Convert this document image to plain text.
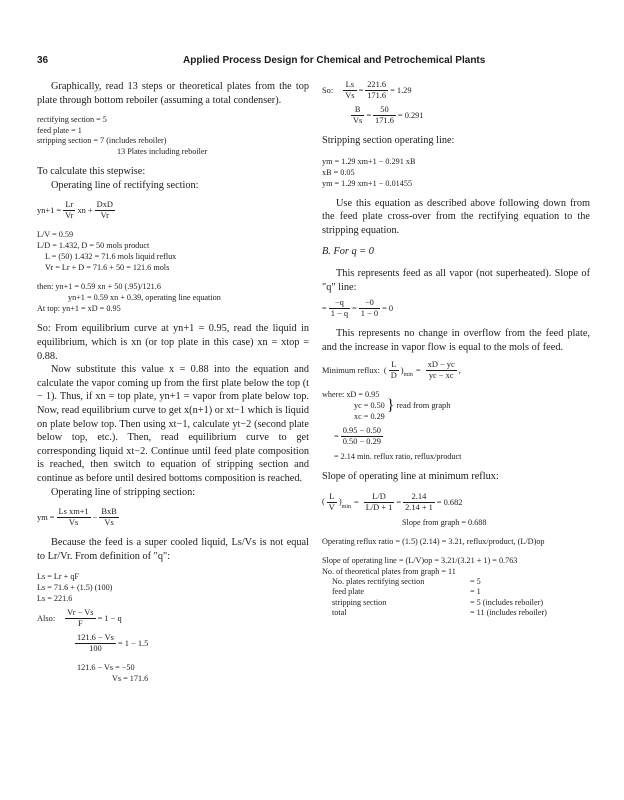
36	Applied Process Design for Chemical and Petrochemical Plants

Graphically, read 13 steps or theoretical plates from the top plate through bottom reboiler (assuming a total condenser).

rectifying section = 5
feed plate = 1
stripping section = 7 (includes reboiler)
13 Plates including reboiler

To calculate this stepwise:

Operating line of rectifying section:

$yn+1 = \frac{Lr}{Vr}$ xn + $\frac{\text{DxD}}{Vr}$

L/V = 0.59

L/D = 1.432, D = 50 mols product

L = (50) 1.432 = 71.6 mols liquid reflux

Vr = Lr + D = 71.6 + 50 = 121.6 mols

then: yn+1 = 0.59 xn + 50 (.95)/121.6

yn+1 = 0.59 xn + 0.39, operating line equation

At top: yn+1 = xD = 0.95

So: From equilibrium curve at yn+1 = 0.95, read the liquid in equilibrium, which is xn (or top plate in this case) xn = xtop = 0.88.

Now substitute this value x = 0.88 into the equation and calculate the vapor coming up from the first plate below the top (t − 1). Thus, if xn = top plate, yn+1 = vapor from plate below top. Now, read equilibrium curve to get x(n+1) or xt−1 which is liquid on plate below top. Then using xt−1, calculate yt−2 (second plate below top, etc.). Then, read equilibrium curve to get corresponding liquid xt−2. Continue until feed plate composition is reached, then switch to equation of stripping section and continue as before until desired bottoms composition is reached.

Operating line of stripping section:

ym = $\frac{\text{Ls xm+1}}{Vs} - \frac{\text{BxB}}{Vs}$

Because the feed is a super cooled liquid, Ls/Vs is not equal to Lr/Vr. From definition of "q":

Ls = Lr + qF

Ls = 71.6 + (1.5) (100)

Ls = 221.6

Also: $\frac{Vr - Vs}{F} = 1 - q$
$\frac{121.6 - Vs}{100} = 1 - 1.5$

121.6 − Vs = −50

Vs = 171.6

So: $\frac{Ls}{Vs} = \frac{221.6}{171.6} = 1.29$
$\frac{B}{Vs} = \frac{50}{171.6} = 0.291$

Stripping section operating line:

ym = 1.29 xm+1 − 0.291 xB

xB = 0.05

ym = 1.29 xm+1 − 0.01455

Use this equation as described above following down from the feed plate cross-over from the rectifying equation to the stripping equation.

B. For q = 0

This represents feed as all vapor (not superheated). Slope of "q" line:

= $\frac{-q}{1 - q} = \frac{-0}{1 - 0} = 0$

This represents no change in overflow from the feed plate, and the increase in vapor flow is equal to the mols of feed.

Minimum reflux: ( $\frac{L}{D}$ )
$\min = \frac{xD - yc}{yc - xc}$ ,

where: xD = 0.95

yc = 0.50

xc = 0.29

} read from graph
= $\frac{0.95 - 0.50}{0.50 - 0.29}$

= 2.14 min. reflux ratio, reflux/product

Slope of operating line at minimum reflux:

( $\frac{L}{V}$ )
$\min = \frac{L/D}{L/D + 1} = \frac{2.14}{2.14 + 1} = 0.682$

Slope from graph = 0.688

Operating reflux ratio = (1.5) (2.14) = 3.21, reflux/product, (L/D)op

Slope of operating line = (L/V)op = 3.21/(3.21 + 1) = 0.763

No. of theoretical plates from graph = 11

No. plates rectifying section	= 5
feed plate	= 1
stripping section	= 5 (includes reboiler)
total	= 11 (includes reboiler)
